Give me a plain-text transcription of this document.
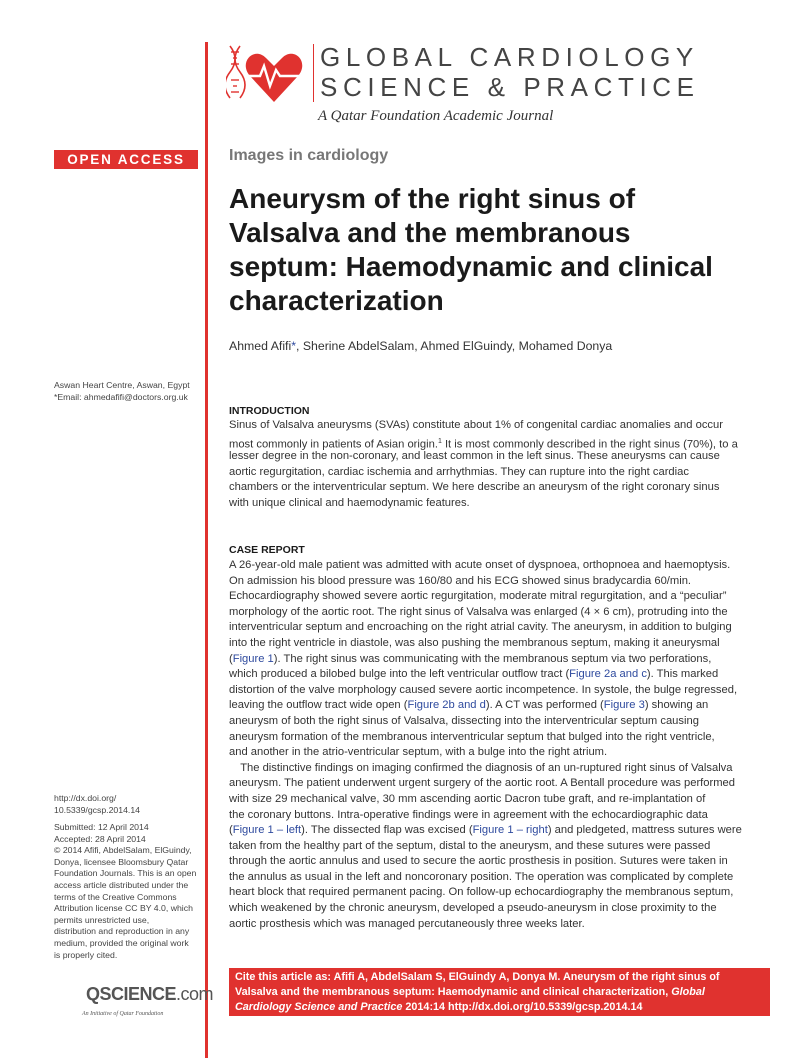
GLOBAL CARDIOLOGY
SCIENCE & PRACTICE
A Qatar Foundation Academic Journal
OPEN ACCESS	Images in cardiology
Aneurysm of the right sinus of
Valsalva and the membranous
septum: Haemodynamic and clinical
characterization
Ahmed Afifi*, Sherine AbdelSalam, Ahmed ElGuindy, Mohamed Donya
Aswan Heart Centre, Aswan, Egypt
*Email: ahmedafifi@doctors.org.uk
INTRODUCTION
Sinus of Valsalva aneurysms (SVAs) constitute about 1% of congenital cardiac anomalies and occur
most commonly in patients of Asian origin.$^1$ It is most commonly described in the right sinus (70%), to a
lesser degree in the non-coronary, and least common in the left sinus. These aneurysms can cause
aortic regurgitation, cardiac ischemia and arrhythmias. They can rupture into the right cardiac
chambers or the interventricular septum. We here describe an aneurysm of the right coronary sinus
with unique clinical and haemodynamic features.
CASE REPORT
A 26-year-old male patient was admitted with acute onset of dyspnoea, orthopnoea and haemoptysis.
On admission his blood pressure was 160/80 and his ECG showed sinus bradycardia 60/min.
Echocardiography showed severe aortic regurgitation, moderate mitral regurgitation, and a “peculiar”
morphology of the aortic root. The right sinus of Valsalva was enlarged (4 × 6 cm), protruding into the
interventricular septum and encroaching on the right atrial cavity. The aneurysm, in addition to bulging
into the right ventricle in diastole, was also pushing the membranous septum, making it aneurysmal
(Figure 1). The right sinus was communicating with the membranous septum via two perforations,
which produced a bilobed bulge into the left ventricular outflow tract (Figure 2a and c). This marked
distortion of the valve morphology caused severe aortic incompetence. In systole, the bulge regressed,
leaving the outflow tract wide open (Figure 2b and d). A CT was performed (Figure 3) showing an
aneurysm of both the right sinus of Valsalva, dissecting into the interventricular septum causing
aneurysm formation of the membranous interventricular septum that bulged into the right ventricle,
and another in the atrio-ventricular septum, with a bulge into the right atrium.
 The distinctive findings on imaging confirmed the diagnosis of an un-ruptured right sinus of Valsalva
aneurysm. The patient underwent urgent surgery of the aortic root. A Bentall procedure was performed
with size 29 mechanical valve, 30 mm ascending aortic Dacron tube graft, and re-implantation of
the coronary buttons. Intra-operative findings were in agreement with the echocardiographic data
(Figure 1 – left). The dissected flap was excised (Figure 1 – right) and pledgeted, mattress sutures were
taken from the healthy part of the septum, distal to the aneurysm, and these sutures were passed
through the aortic annulus and used to secure the aortic prosthesis in position. Sutures were taken in
the annulus as usual in the left and noncoronary position. The operation was complicated by complete
heart block that required permanent pacing. On follow-up echocardiography the membranous septum,
which weakened by the chronic aneurysm, developed a pseudo-aneurysm in close proximity to the
aortic prosthesis which was managed percutaneously three weeks later.
http://dx.doi.org/
10.5339/gcsp.2014.14
Submitted: 12 April 2014
Accepted: 28 April 2014
© 2014 Afifi, AbdelSalam, ElGuindy,
Donya, licensee Bloomsbury Qatar
Foundation Journals. This is an open
access article distributed under the
terms of the Creative Commons
Attribution license CC BY 4.0, which
permits unrestricted use,
distribution and reproduction in any
medium, provided the original work
is properly cited.
QSCIENCE.com
An Initiative of Qatar Foundation
Cite this article as: Afifi A, AbdelSalam S, ElGuindy A, Donya M. Aneurysm of the right sinus of
Valsalva and the membranous septum: Haemodynamic and clinical characterization, Global
Cardiology Science and Practice 2014:14 http://dx.doi.org/10.5339/gcsp.2014.14
